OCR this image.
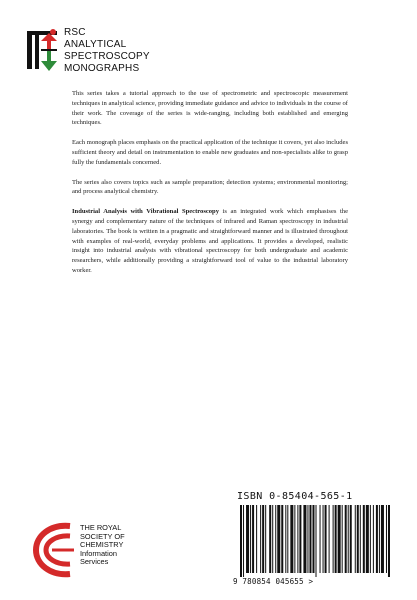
RSC
ANALYTICAL
SPECTROSCOPY
MONOGRAPHS

This series takes a tutorial approach to the use of spectrometric and spectroscopic measurement techniques in analytical science, providing immediate guidance and advice to individuals in the course of their work. The coverage of the series is wide-ranging, including both established and emerging techniques.

Each monograph places emphasis on the practical application of the technique it covers, yet also includes sufficient theory and detail on instrumentation to enable new graduates and non-specialists alike to grasp fully the fundamentals concerned.

The series also covers topics such as sample preparation; detection systems; environmental monitoring; and process analytical chemistry.

Industrial Analysis with Vibrational Spectroscopy is an integrated work which emphasises the synergy and complementary nature of the techniques of infrared and Raman spectroscopy in industrial laboratories. The book is written in a pragmatic and straightforward manner and is illustrated throughout with examples of real-world, everyday problems and applications. It provides a developed, realistic insight into industrial analysis with vibrational spectroscopy for both undergraduate and academic researchers, while additionally providing a straightforward tool of value to the industrial laboratory worker.

ISBN 0-85404-565-1
9 780854 045655 >
THE ROYAL
SOCIETY OF
CHEMISTRY
Information
Services
